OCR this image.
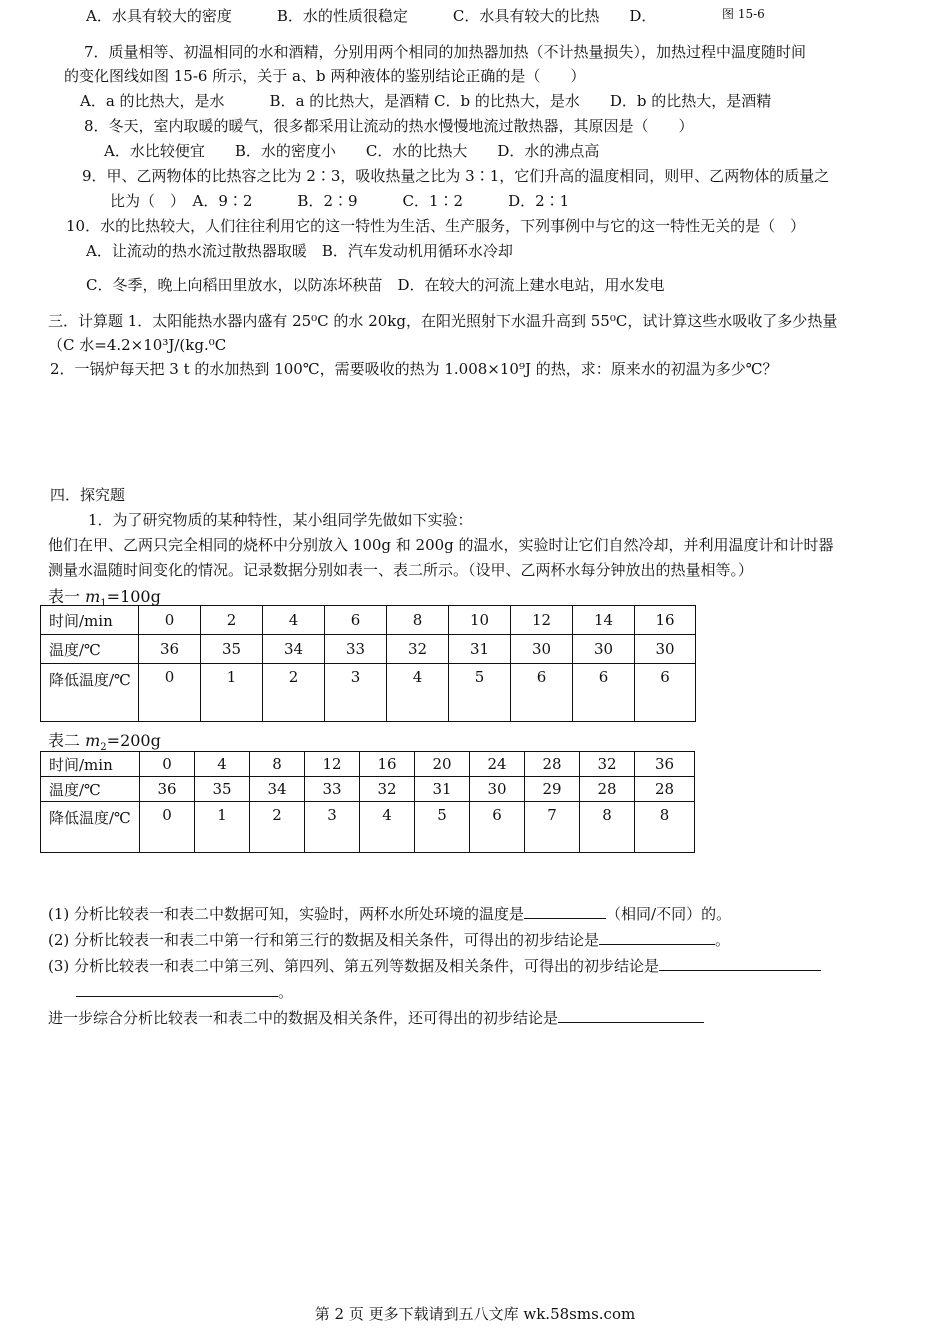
A．水具有较大的密度　　　B．水的性质很稳定　　　C．水具有较大的比热　　D．	图 15-6
7．质量相等、初温相同的水和酒精，分别用两个相同的加热器加热（不计热量损失），加热过程中温度随时间
的变化图线如图 15-6 所示，关于 a、b 两种液体的鉴别结论正确的是（　　）
A．a 的比热大，是水　　　B．a 的比热大，是酒精 C．b 的比热大，是水　　D．b 的比热大，是酒精
8．冬天，室内取暖的暖气，很多都采用让流动的热水慢慢地流过散热器，其原因是（　　）
A．水比较便宜　　B．水的密度小　　C．水的比热大　　D．水的沸点高
9．甲、乙两物体的比热容之比为 2∶3，吸收热量之比为 3∶1，它们升高的温度相同，则甲、乙两物体的质量之
比为（　）　A．9∶2　　　B．2∶9　　　C．1∶2　　　D．2∶1
10．水的比热较大，人们往往利用它的这一特性为生活、生产服务，下列事例中与它的这一特性无关的是（　）
A．让流动的热水流过散热器取暖　B．汽车发动机用循环水冷却
C．冬季，晚上向稻田里放水，以防冻坏秧苗　D．在较大的河流上建水电站，用水发电
三．计算题 1．太阳能热水器内盛有 25⁰C 的水 20kg，在阳光照射下水温升高到 55⁰C，试计算这些水吸收了多少热量
（C 水=4.2×10³J/(kg.⁰C
2．一锅炉每天把 3 t 的水加热到 100℃，需要吸收的热为 1.008×10⁹J 的热，求：原来水的初温为多少℃？
四．探究题
1．为了研究物质的某种特性，某小组同学先做如下实验：
他们在甲、乙两只完全相同的烧杯中分别放入 100g 和 200g 的温水，实验时让它们自然冷却，并利用温度计和计时器
测量水温随时间变化的情况。记录数据分别如表一、表二所示。（设甲、乙两杯水每分钟放出的热量相等。）
表一 $m_1=100g$
时间/min	0	2	4	6	8	10	12	14	16
温度/℃	36	35	34	33	32	31	30	30	30
降低温度/℃	0	1	2	3	4	5	6	6	6
表二 $m_2=200g$
时间/min	0	4	8	12	16	20	24	28	32	36
温度/℃	36	35	34	33	32	31	30	29	28	28
降低温度/℃	0	1	2	3	4	5	6	7	8	8
(1) 分析比较表一和表二中数据可知，实验时，两杯水所处环境的温度是	（相同/不同）的。
(2) 分析比较表一和表二中第一行和第三行的数据及相关条件，可得出的初步结论是	。
(3) 分析比较表一和表二中第三列、第四列、第五列等数据及相关条件，可得出的初步结论是
。
进一步综合分析比较表一和表二中的数据及相关条件，还可得出的初步结论是
第 2 页 更多下载请到五八文库 wk.58sms.com
